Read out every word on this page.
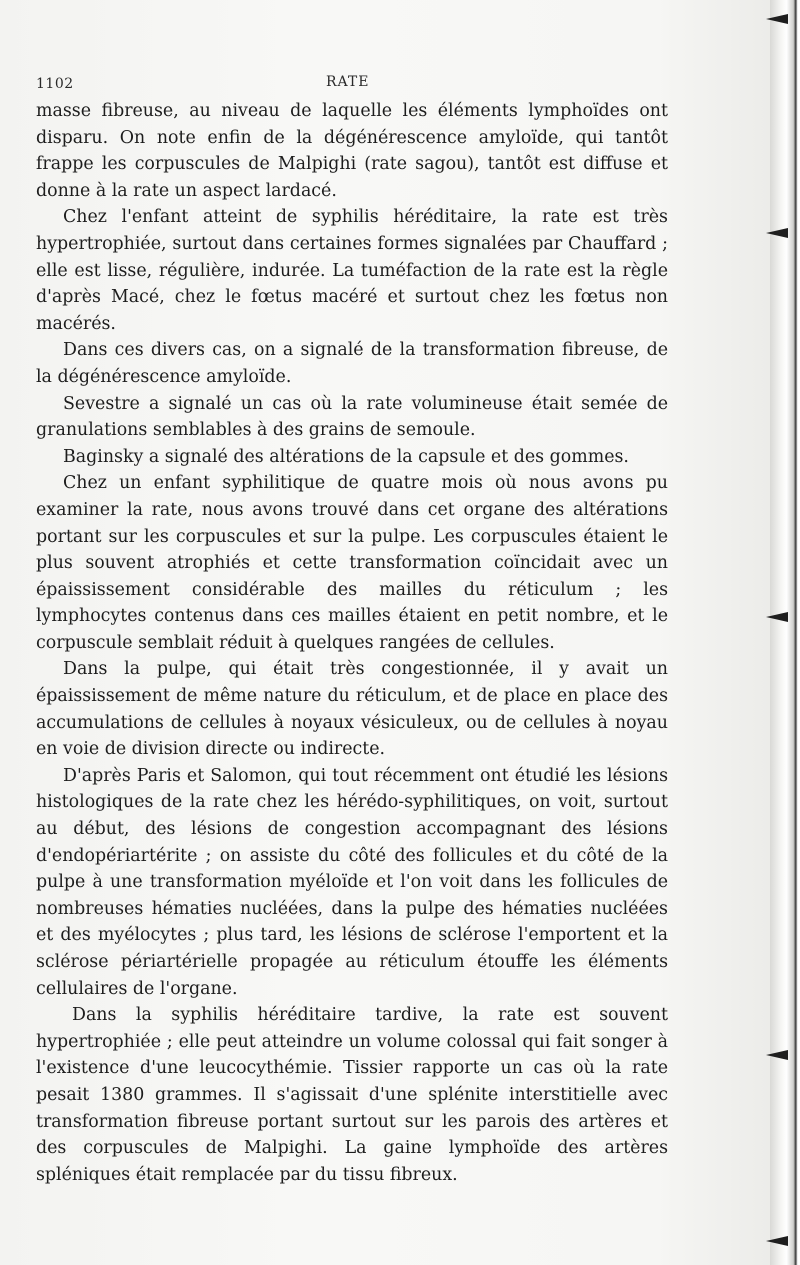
1102	RATE

masse fibreuse, au niveau de laquelle les éléments lymphoïdes ont disparu. On note enfin de la dégénérescence amyloïde, qui tantôt frappe les corpuscules de Malpighi (rate sagou), tantôt est diffuse et donne à la rate un aspect lardacé.

Chez l'enfant atteint de syphilis héréditaire, la rate est très hypertrophiée, surtout dans certaines formes signalées par Chauffard ; elle est lisse, régulière, indurée. La tuméfaction de la rate est la règle d'après Macé, chez le fœtus macéré et surtout chez les fœtus non macérés.

Dans ces divers cas, on a signalé de la transformation fibreuse, de la dégénérescence amyloïde.

Sevestre a signalé un cas où la rate volumineuse était semée de granulations semblables à des grains de semoule.

Baginsky a signalé des altérations de la capsule et des gommes.

Chez un enfant syphilitique de quatre mois où nous avons pu examiner la rate, nous avons trouvé dans cet organe des altérations portant sur les corpuscules et sur la pulpe. Les corpuscules étaient le plus souvent atrophiés et cette transformation coïncidait avec un épaississement considérable des mailles du réticulum ; les lymphocytes contenus dans ces mailles étaient en petit nombre, et le corpuscule semblait réduit à quelques rangées de cellules.

Dans la pulpe, qui était très congestionnée, il y avait un épaississement de même nature du réticulum, et de place en place des accumulations de cellules à noyaux vésiculeux, ou de cellules à noyau en voie de division directe ou indirecte.

D'après Paris et Salomon, qui tout récemment ont étudié les lésions histologiques de la rate chez les hérédo-syphilitiques, on voit, surtout au début, des lésions de congestion accompagnant des lésions d'endopériartérite ; on assiste du côté des follicules et du côté de la pulpe à une transformation myéloïde et l'on voit dans les follicules de nombreuses hématies nucléées, dans la pulpe des hématies nucléées et des myélocytes ; plus tard, les lésions de sclérose l'emportent et la sclérose périartérielle propagée au réticulum étouffe les éléments cellulaires de l'organe.

Dans la syphilis héréditaire tardive, la rate est souvent hypertrophiée ; elle peut atteindre un volume colossal qui fait songer à l'existence d'une leucocythémie. Tissier rapporte un cas où la rate pesait 1380 grammes. Il s'agissait d'une splénite interstitielle avec transformation fibreuse portant surtout sur les parois des artères et des corpuscules de Malpighi. La gaine lymphoïde des artères spléniques était remplacée par du tissu fibreux.
